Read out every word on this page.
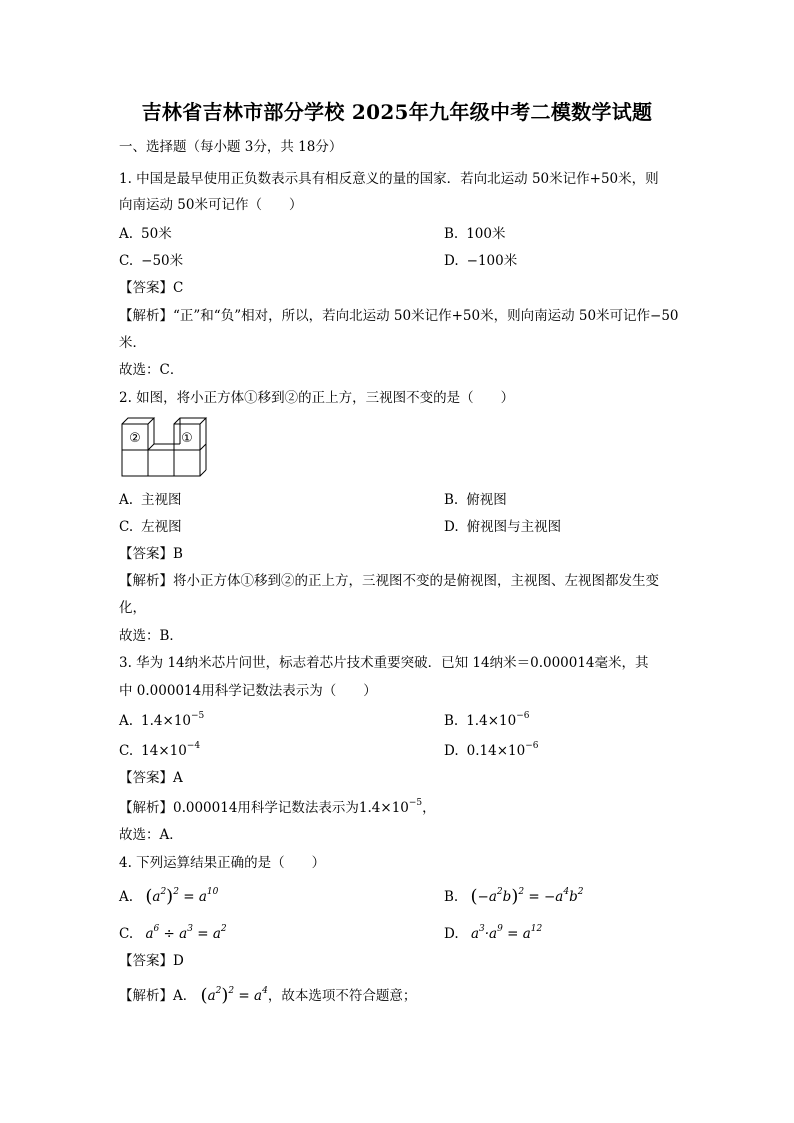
吉林省吉林市部分学校 2025年九年级中考二模数学试题
一、选择题（每小题 3分，共 18分）
1. 中国是最早使用正负数表示具有相反意义的量的国家．若向北运动 50米记作+50米，则
向南运动 50米可记作（　　）
A. 50米	B. 100米
C. −50米	D. −100米
【答案】C
【解析】“正”和“负”相对，所以，若向北运动 50米记作+50米，则向南运动 50米可记作−50
米．
故选：C．
2. 如图，将小正方体①移到②的正上方，三视图不变的是（　　）
②	①
A. 主视图	B. 俯视图
C. 左视图	D. 俯视图与主视图
【答案】B
【解析】将小正方体①移到②的正上方，三视图不变的是俯视图，主视图、左视图都发生变
化，
故选：B．
3. 华为 14纳米芯片问世，标志着芯片技术重要突破．已知 14纳米＝0.000014毫米，其
中 0.000014用科学记数法表示为（　　）
A. $1.4\times 10^{-5}$	B. $1.4\times 10^{-6}$
C. $14\times 10^{-4}$	D. $0.14\times 10^{-6}$
【答案】A
【解析】0.000014用科学记数法表示为$1.4\times 10^{-5}$，
故选：A．
4. 下列运算结果正确的是（　　）
A. $(a^2)^2 = a^{10}$	B. $(-a^2b)^2 = -a^4b^2$
C. $a^6 \div a^3 = a^2$	D. $a^3\cdot a^9 = a^{12}$
【答案】D
【解析】A． $(a^2)^2 = a^4$，故本选项不符合题意；
